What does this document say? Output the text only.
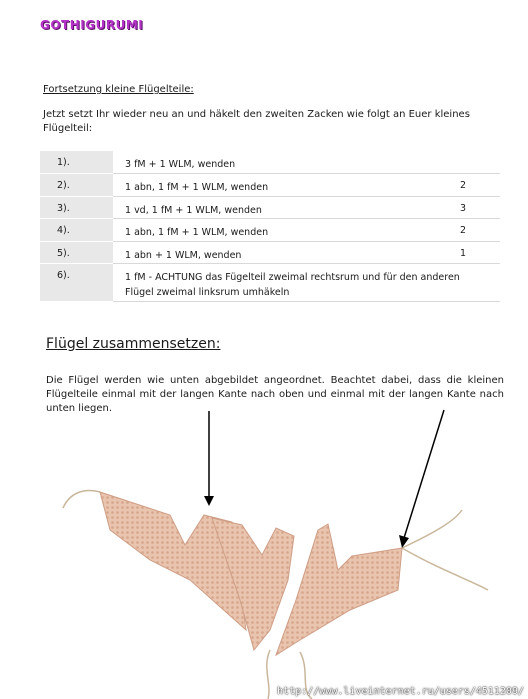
GOTHIGURUMI
Fortsetzung kleine Flügelteile:
Jetzt setzt Ihr wieder neu an und häkelt den zweiten Zacken wie folgt an Euer kleines Flügelteil:
1).	3 fM + 1 WLM, wenden	
2).	1 abn, 1 fM + 1 WLM, wenden	2
3).	1 vd, 1 fM + 1 WLM, wenden	3
4).	1 abn, 1 fM + 1 WLM, wenden	2
5).	1 abn + 1 WLM, wenden	1
6).	1 fM - ACHTUNG das Fügelteil zweimal rechtsrum und für den anderen Flügel zweimal linksrum umhäkeln	
Flügel zusammensetzen:
Die Flügel werden wie unten abgebildet angeordnet. Beachtet dabei, dass die kleinen Flügelteile einmal mit der langen Kante nach oben und einmal mit der langen Kante nach unten liegen.
http://www.liveinternet.ru/users/4511209/
